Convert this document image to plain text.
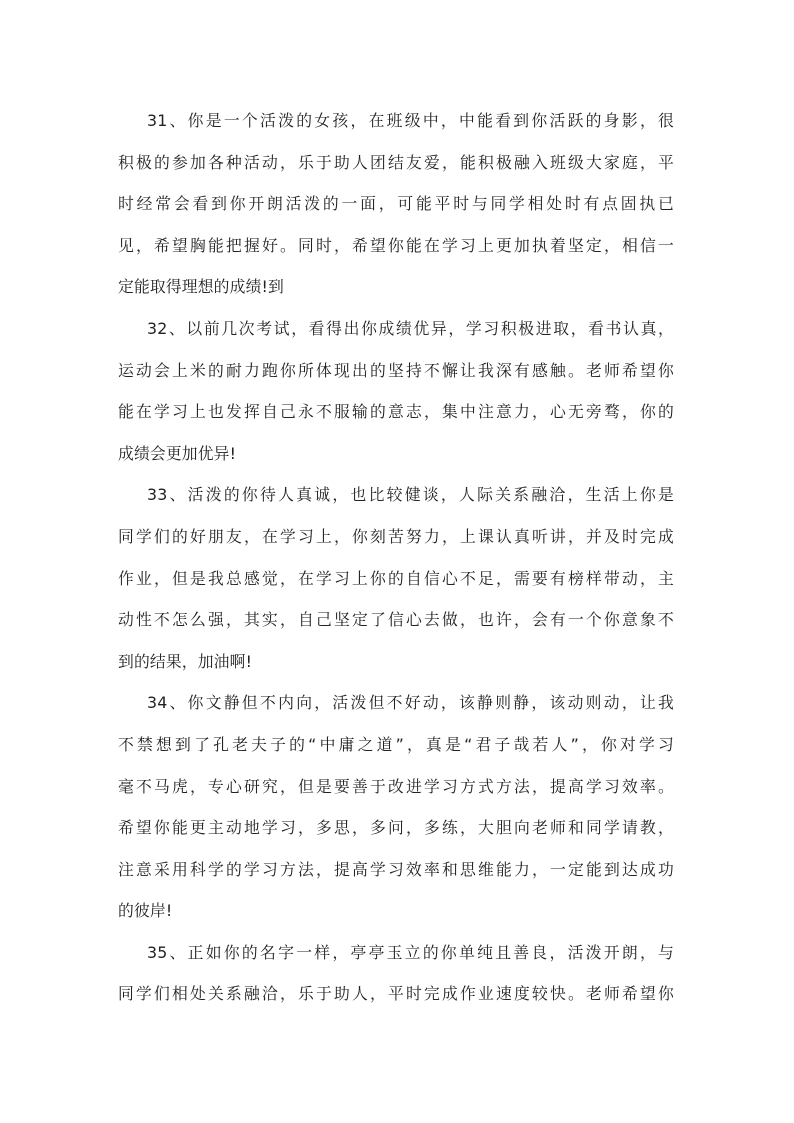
31、你是一个活泼的女孩，在班级中，中能看到你活跃的身影，很
积极的参加各种活动，乐于助人团结友爱，能积极融入班级大家庭，平
时经常会看到你开朗活泼的一面，可能平时与同学相处时有点固执已
见，希望胸能把握好。同时，希望你能在学习上更加执着坚定，相信一
定能取得理想的成绩!到
32、以前几次考试，看得出你成绩优异，学习积极进取，看书认真，
运动会上米的耐力跑你所体现出的坚持不懈让我深有感触。老师希望你
能在学习上也发挥自己永不服输的意志，集中注意力，心无旁骛，你的
成绩会更加优异!
33、活泼的你待人真诚，也比较健谈，人际关系融洽，生活上你是
同学们的好朋友，在学习上，你刻苦努力，上课认真听讲，并及时完成
作业，但是我总感觉，在学习上你的自信心不足，需要有榜样带动，主
动性不怎么强，其实，自己坚定了信心去做，也许，会有一个你意象不
到的结果，加油啊!
34、你文静但不内向，活泼但不好动，该静则静，该动则动，让我
不禁想到了孔老夫子的“中庸之道”，真是“君子哉若人”，你对学习
毫不马虎，专心研究，但是要善于改进学习方式方法，提高学习效率。
希望你能更主动地学习，多思，多问，多练，大胆向老师和同学请教，
注意采用科学的学习方法，提高学习效率和思维能力，一定能到达成功
的彼岸!
35、正如你的名字一样，亭亭玉立的你单纯且善良，活泼开朗，与
同学们相处关系融洽，乐于助人，平时完成作业速度较快。老师希望你
